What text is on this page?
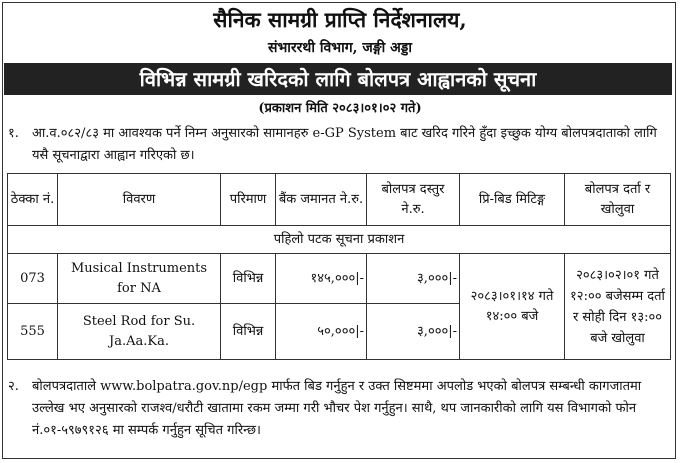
सैनिक सामग्री प्राप्ति निर्देशनालय,
संभाररथी विभाग, जङ्गी अड्डा
विभिन्न सामग्री खरिदको लागि बोलपत्र आह्वानको सूचना
(प्रकाशन मिति २०८३।०१।०२ गते)
१. आ.व.०८२/८३ मा आवश्यक पर्ने निम्न अनुसारको सामानहरु e-GP System बाट खरिद गरिने हुँदा इच्छुक योग्य बोलपत्रदाताको लागि यसै सूचनाद्वारा आह्वान गरिएको छ।
ठेक्का नं.	विवरण	परिमाण	बैंक जमानत ने.रु.	बोलपत्र दस्तुर ने.रु.	प्रि-बिड मिटिङ्ग	बोलपत्र दर्ता र खोलुवा
पहिलो पटक सूचना प्रकाशन						
073	Musical Instruments for NA	विभिन्न	१४५,०००|-	३,०००|-	२०८३।०१।१४ गते १४:०० बजे	२०८३।०२।०१ गते १२:०० बजेसम्म दर्ता र सोही दिन १३:०० बजे खोलुवा
555	Steel Rod for Su. Ja.Aa.Ka.	विभिन्न	५०,०००|-	३,०००|-		
२. बोलपत्रदाताले www.bolpatra.gov.np/egp मार्फत बिड गर्नुहुन र उक्त सिष्टममा अपलोड भएको बोलपत्र सम्बन्धी कागजातमा उल्लेख भए अनुसारको राजश्व/धरौटी खातामा रकम जम्मा गरी भौचर पेश गर्नुहुन। साथै, थप जानकारीको लागि यस विभागको फोन नं.०१-५९७९१२६ मा सम्पर्क गर्नुहुन सूचित गरिन्छ।
